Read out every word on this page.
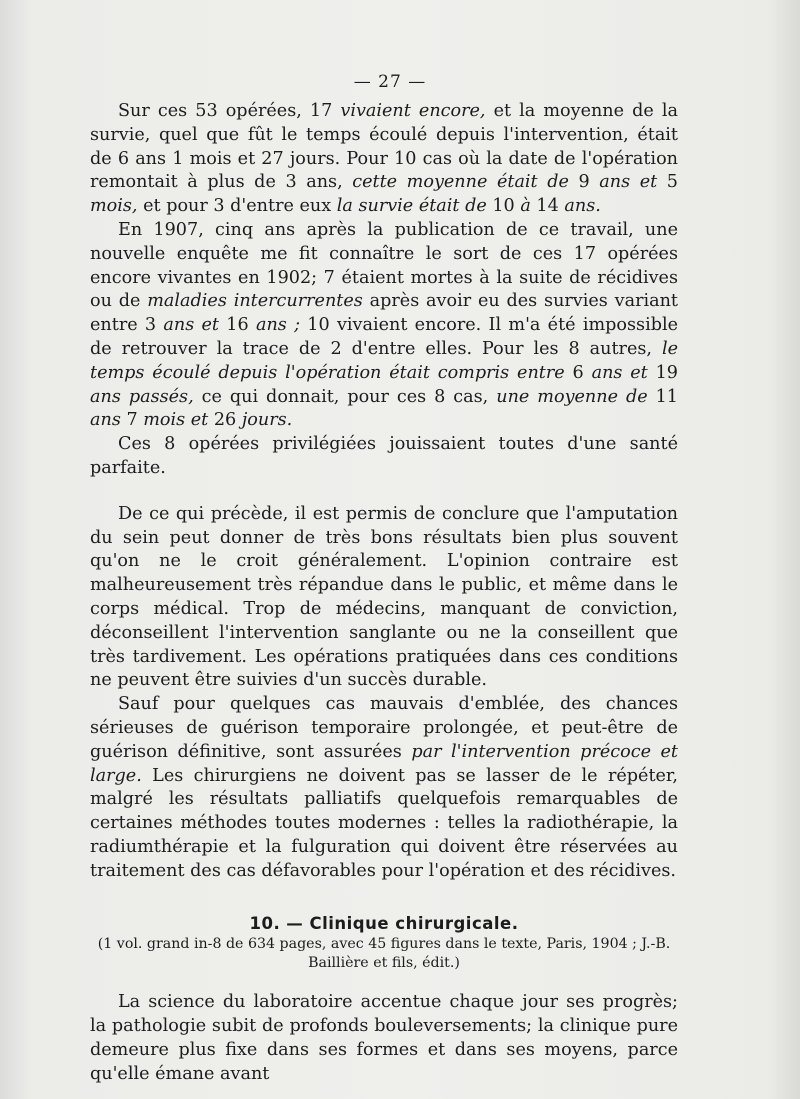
— 27 —

Sur ces 53 opérées, 17 vivaient encore, et la moyenne de la survie, quel que fût le temps écoulé depuis l'intervention, était de 6 ans 1 mois et 27 jours. Pour 10 cas où la date de l'opération remontait à plus de 3 ans, cette moyenne était de 9 ans et 5 mois, et pour 3 d'entre eux la survie était de 10 à 14 ans.

En 1907, cinq ans après la publication de ce travail, une nouvelle enquête me fit connaître le sort de ces 17 opérées encore vivantes en 1902; 7 étaient mortes à la suite de récidives ou de maladies intercurrentes après avoir eu des survies variant entre 3 ans et 16 ans ; 10 vivaient encore. Il m'a été impossible de retrouver la trace de 2 d'entre elles. Pour les 8 autres, le temps écoulé depuis l'opération était compris entre 6 ans et 19 ans passés, ce qui donnait, pour ces 8 cas, une moyenne de 11 ans 7 mois et 26 jours.

Ces 8 opérées privilégiées jouissaient toutes d'une santé parfaite.

De ce qui précède, il est permis de conclure que l'amputation du sein peut donner de très bons résultats bien plus souvent qu'on ne le croit généralement. L'opinion contraire est malheureusement très répandue dans le public, et même dans le corps médical. Trop de médecins, manquant de conviction, déconseillent l'intervention sanglante ou ne la conseillent que très tardivement. Les opérations pratiquées dans ces conditions ne peuvent être suivies d'un succès durable.

Sauf pour quelques cas mauvais d'emblée, des chances sérieuses de guérison temporaire prolongée, et peut-être de guérison définitive, sont assurées par l'intervention précoce et large. Les chirurgiens ne doivent pas se lasser de le répéter, malgré les résultats palliatifs quelquefois remarquables de certaines méthodes toutes modernes : telles la radiothérapie, la radiumthérapie et la fulguration qui doivent être réservées au traitement des cas défavorables pour l'opération et des récidives.

10. — Clinique chirurgicale.

(1 vol. grand in-8 de 634 pages, avec 45 figures dans le texte, Paris, 1904 ; J.-B. Baillière et fils, édit.)

La science du laboratoire accentue chaque jour ses progrès; la pathologie subit de profonds bouleversements; la clinique pure demeure plus fixe dans ses formes et dans ses moyens, parce qu'elle émane avant
